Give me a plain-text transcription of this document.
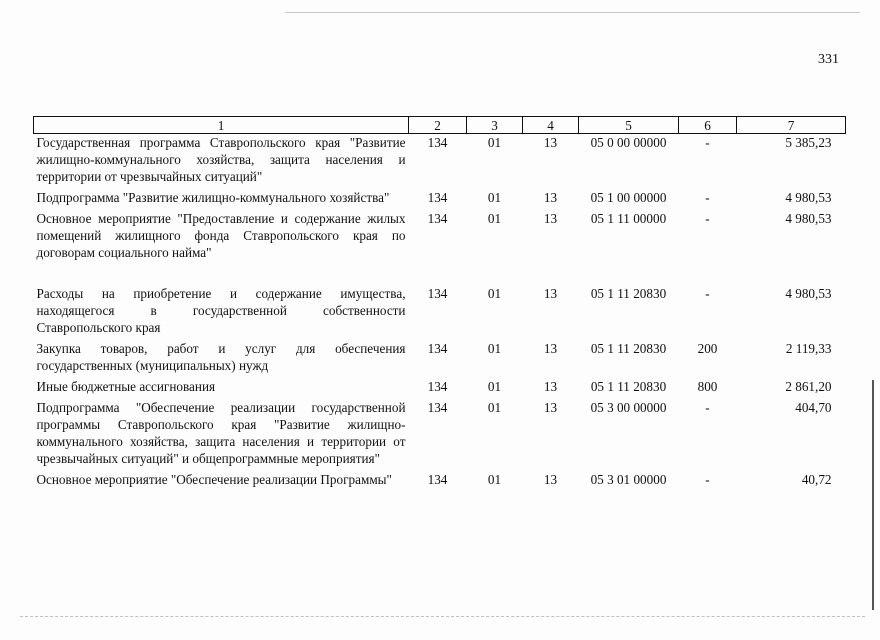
331
1	2	3	4	5	6	7
Государственная программа Ставропольского края "Развитие жилищно-коммунального хозяйства, защита населения и территории от чрезвычайных ситуаций"	134	01	13	05 0 00 00000	-	5 385,23
Подпрограмма "Развитие жилищно-коммунального хозяйства"	134	01	13	05 1 00 00000	-	4 980,53
Основное мероприятие "Предоставление и содержание жилых помещений жилищного фонда Ставропольского края по договорам социального найма"	134	01	13	05 1 11 00000	-	4 980,53
Расходы на приобретение и содержание имущества, находящегося в государственной собственности Ставропольского края	134	01	13	05 1 11 20830	-	4 980,53
Закупка товаров, работ и услуг для обеспечения государственных (муниципальных) нужд	134	01	13	05 1 11 20830	200	2 119,33
Иные бюджетные ассигнования	134	01	13	05 1 11 20830	800	2 861,20
Подпрограмма "Обеспечение реализации государственной программы Ставропольского края "Развитие жилищно-коммунального хозяйства, защита населения и территории от чрезвычайных ситуаций" и общепрограммные мероприятия"	134	01	13	05 3 00 00000	-	404,70
Основное мероприятие "Обеспечение реализации Программы"	134	01	13	05 3 01 00000	-	40,72
